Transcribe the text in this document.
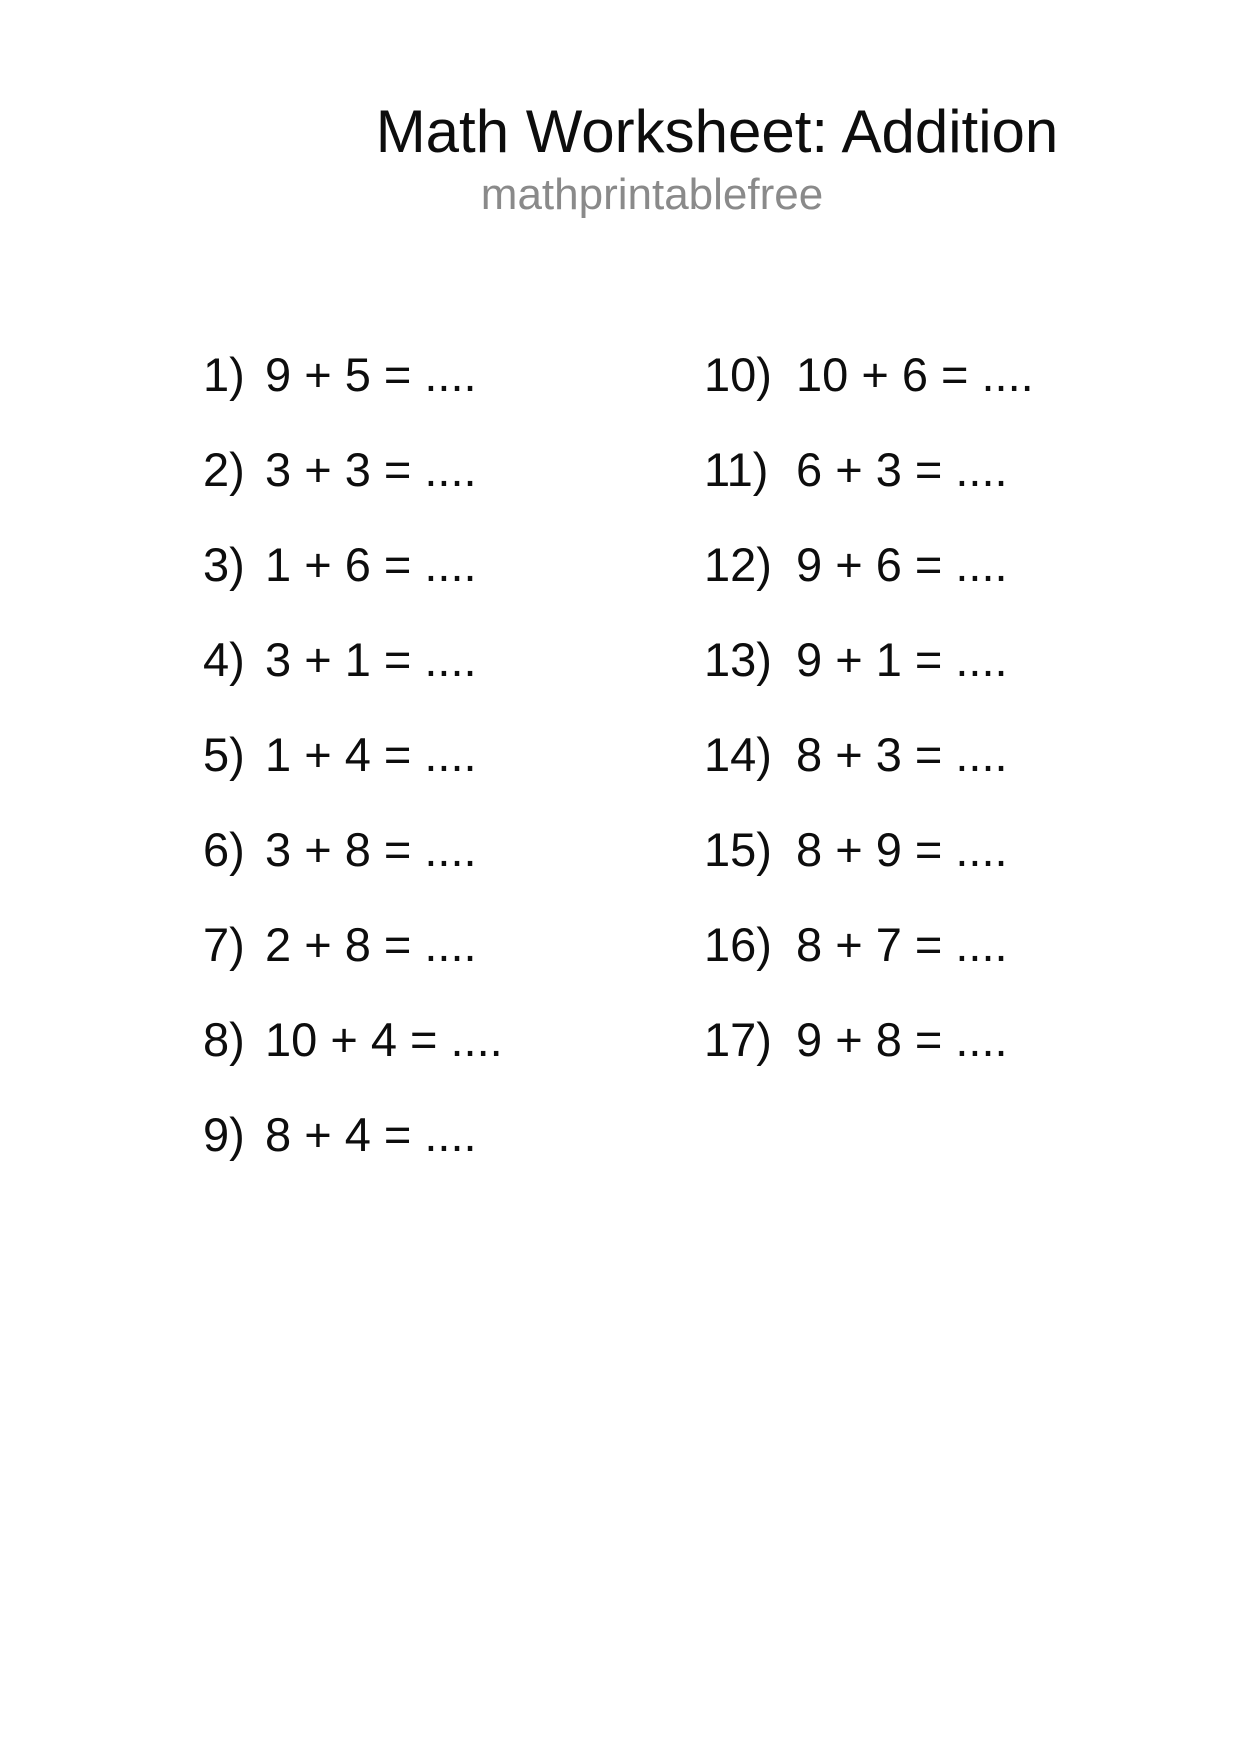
Math Worksheet: Addition
mathprintablefree
1) 9 + 5 = ....
2) 3 + 3 = ....
3) 1 + 6 = ....
4) 3 + 1 = ....
5) 1 + 4 = ....
6) 3 + 8 = ....
7) 2 + 8 = ....
8) 10 + 4 = ....
9) 8 + 4 = ....
10) 10 + 6 = ....
11) 6 + 3 = ....
12) 9 + 6 = ....
13) 9 + 1 = ....
14) 8 + 3 = ....
15) 8 + 9 = ....
16) 8 + 7 = ....
17) 9 + 8 = ....
